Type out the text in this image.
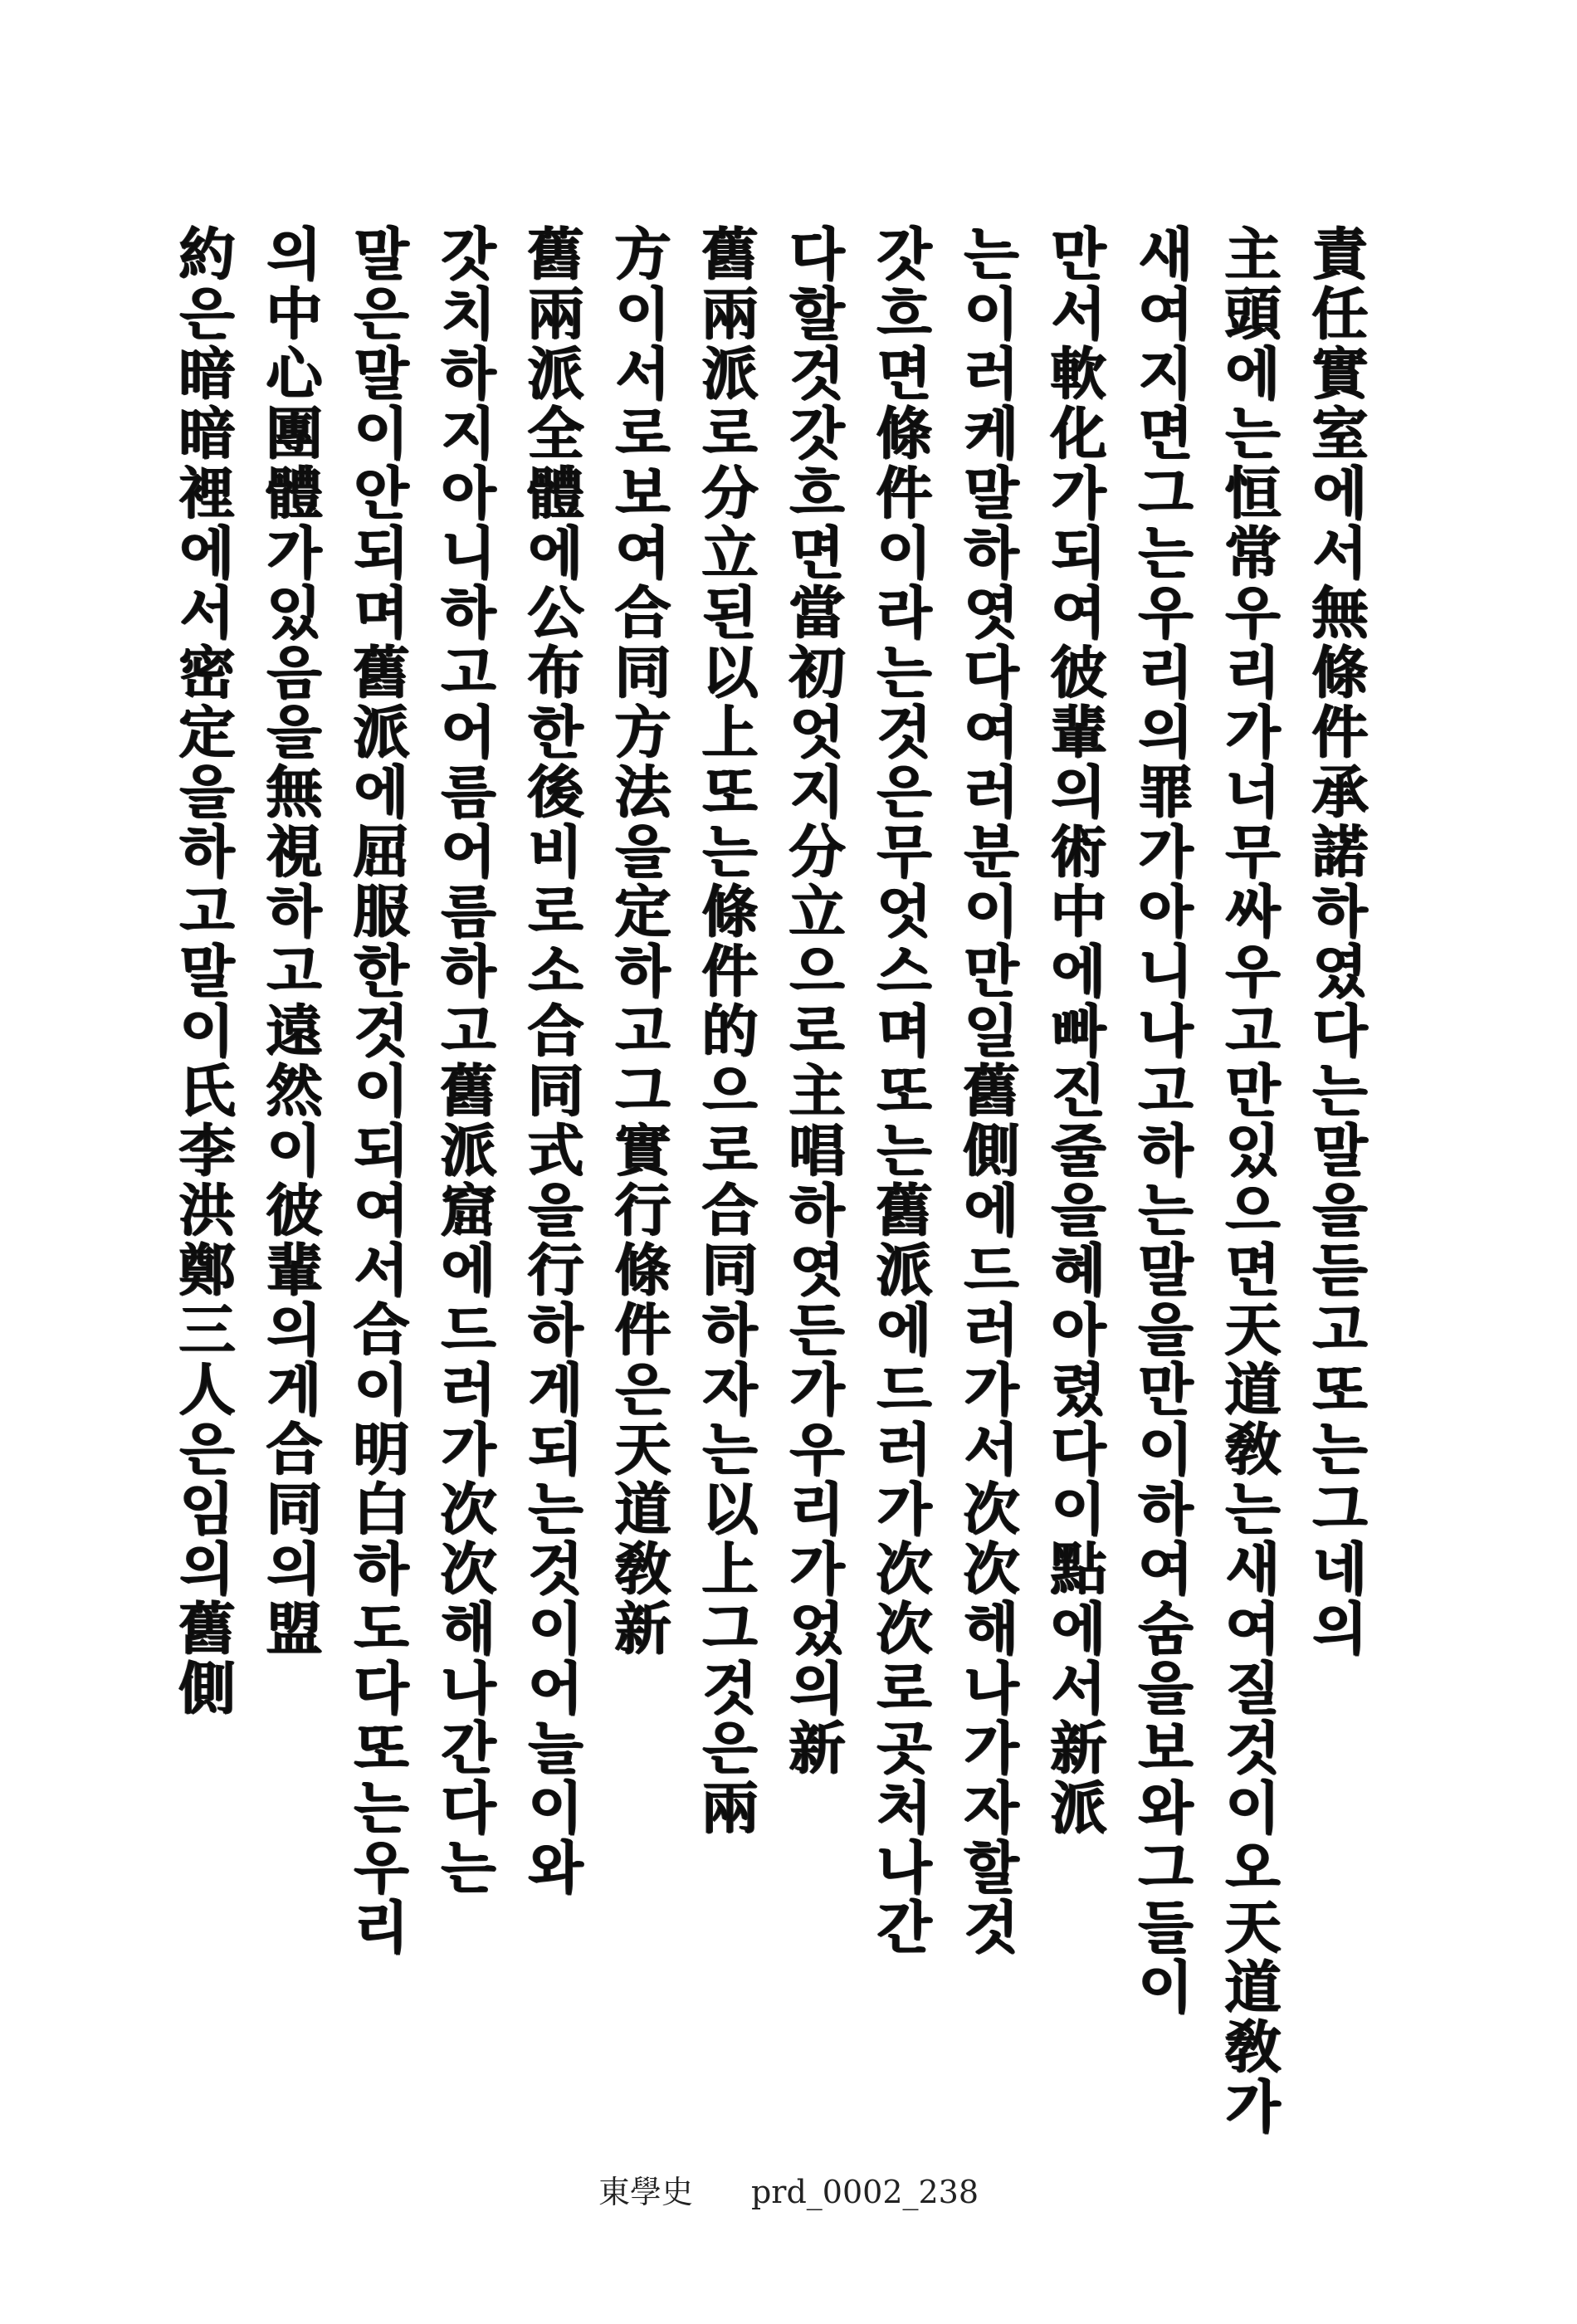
責任實室에서無條件承諾하였다는말을듣고또는그네의
主頭에는恒常우리가너무싸우고만있으면天道敎는새여질것이오天道敎가
새여지면그는우리의罪가아니나고하는말을만이하여숨을보와그들이
만서軟化가되여彼輩의術中에빠진줄을혜아렸다이點에서新派
는이러케말하엿다여러분이만일舊側에드러가서次次해나가자할것
갓흐면條件이라는것은무엇스며또는舊派에드러가次次로곳처나간
다할것갓흐면當初엇지分立으로主唱하엿든가우리가었의新
舊兩派로分立된以上또는條件的으로合同하자는以上그것은兩
方이서로보여合同方法을定하고그實行條件은天道敎新
舊兩派全體에公布한後비로소合同式을行하게되는것이어늘이와
갓치하지아니하고어름어름하고舊派窟에드러가次次해나간다는
말은말이안되며舊派에屈服한것이되여서合이明白하도다또는우리
의中心團體가있음을無視하고遠然이彼輩의게合同의盟
約은暗暗裡에서密定을하고말이氏李洪鄭三人은임의舊側
東學史 prd_0002_238
